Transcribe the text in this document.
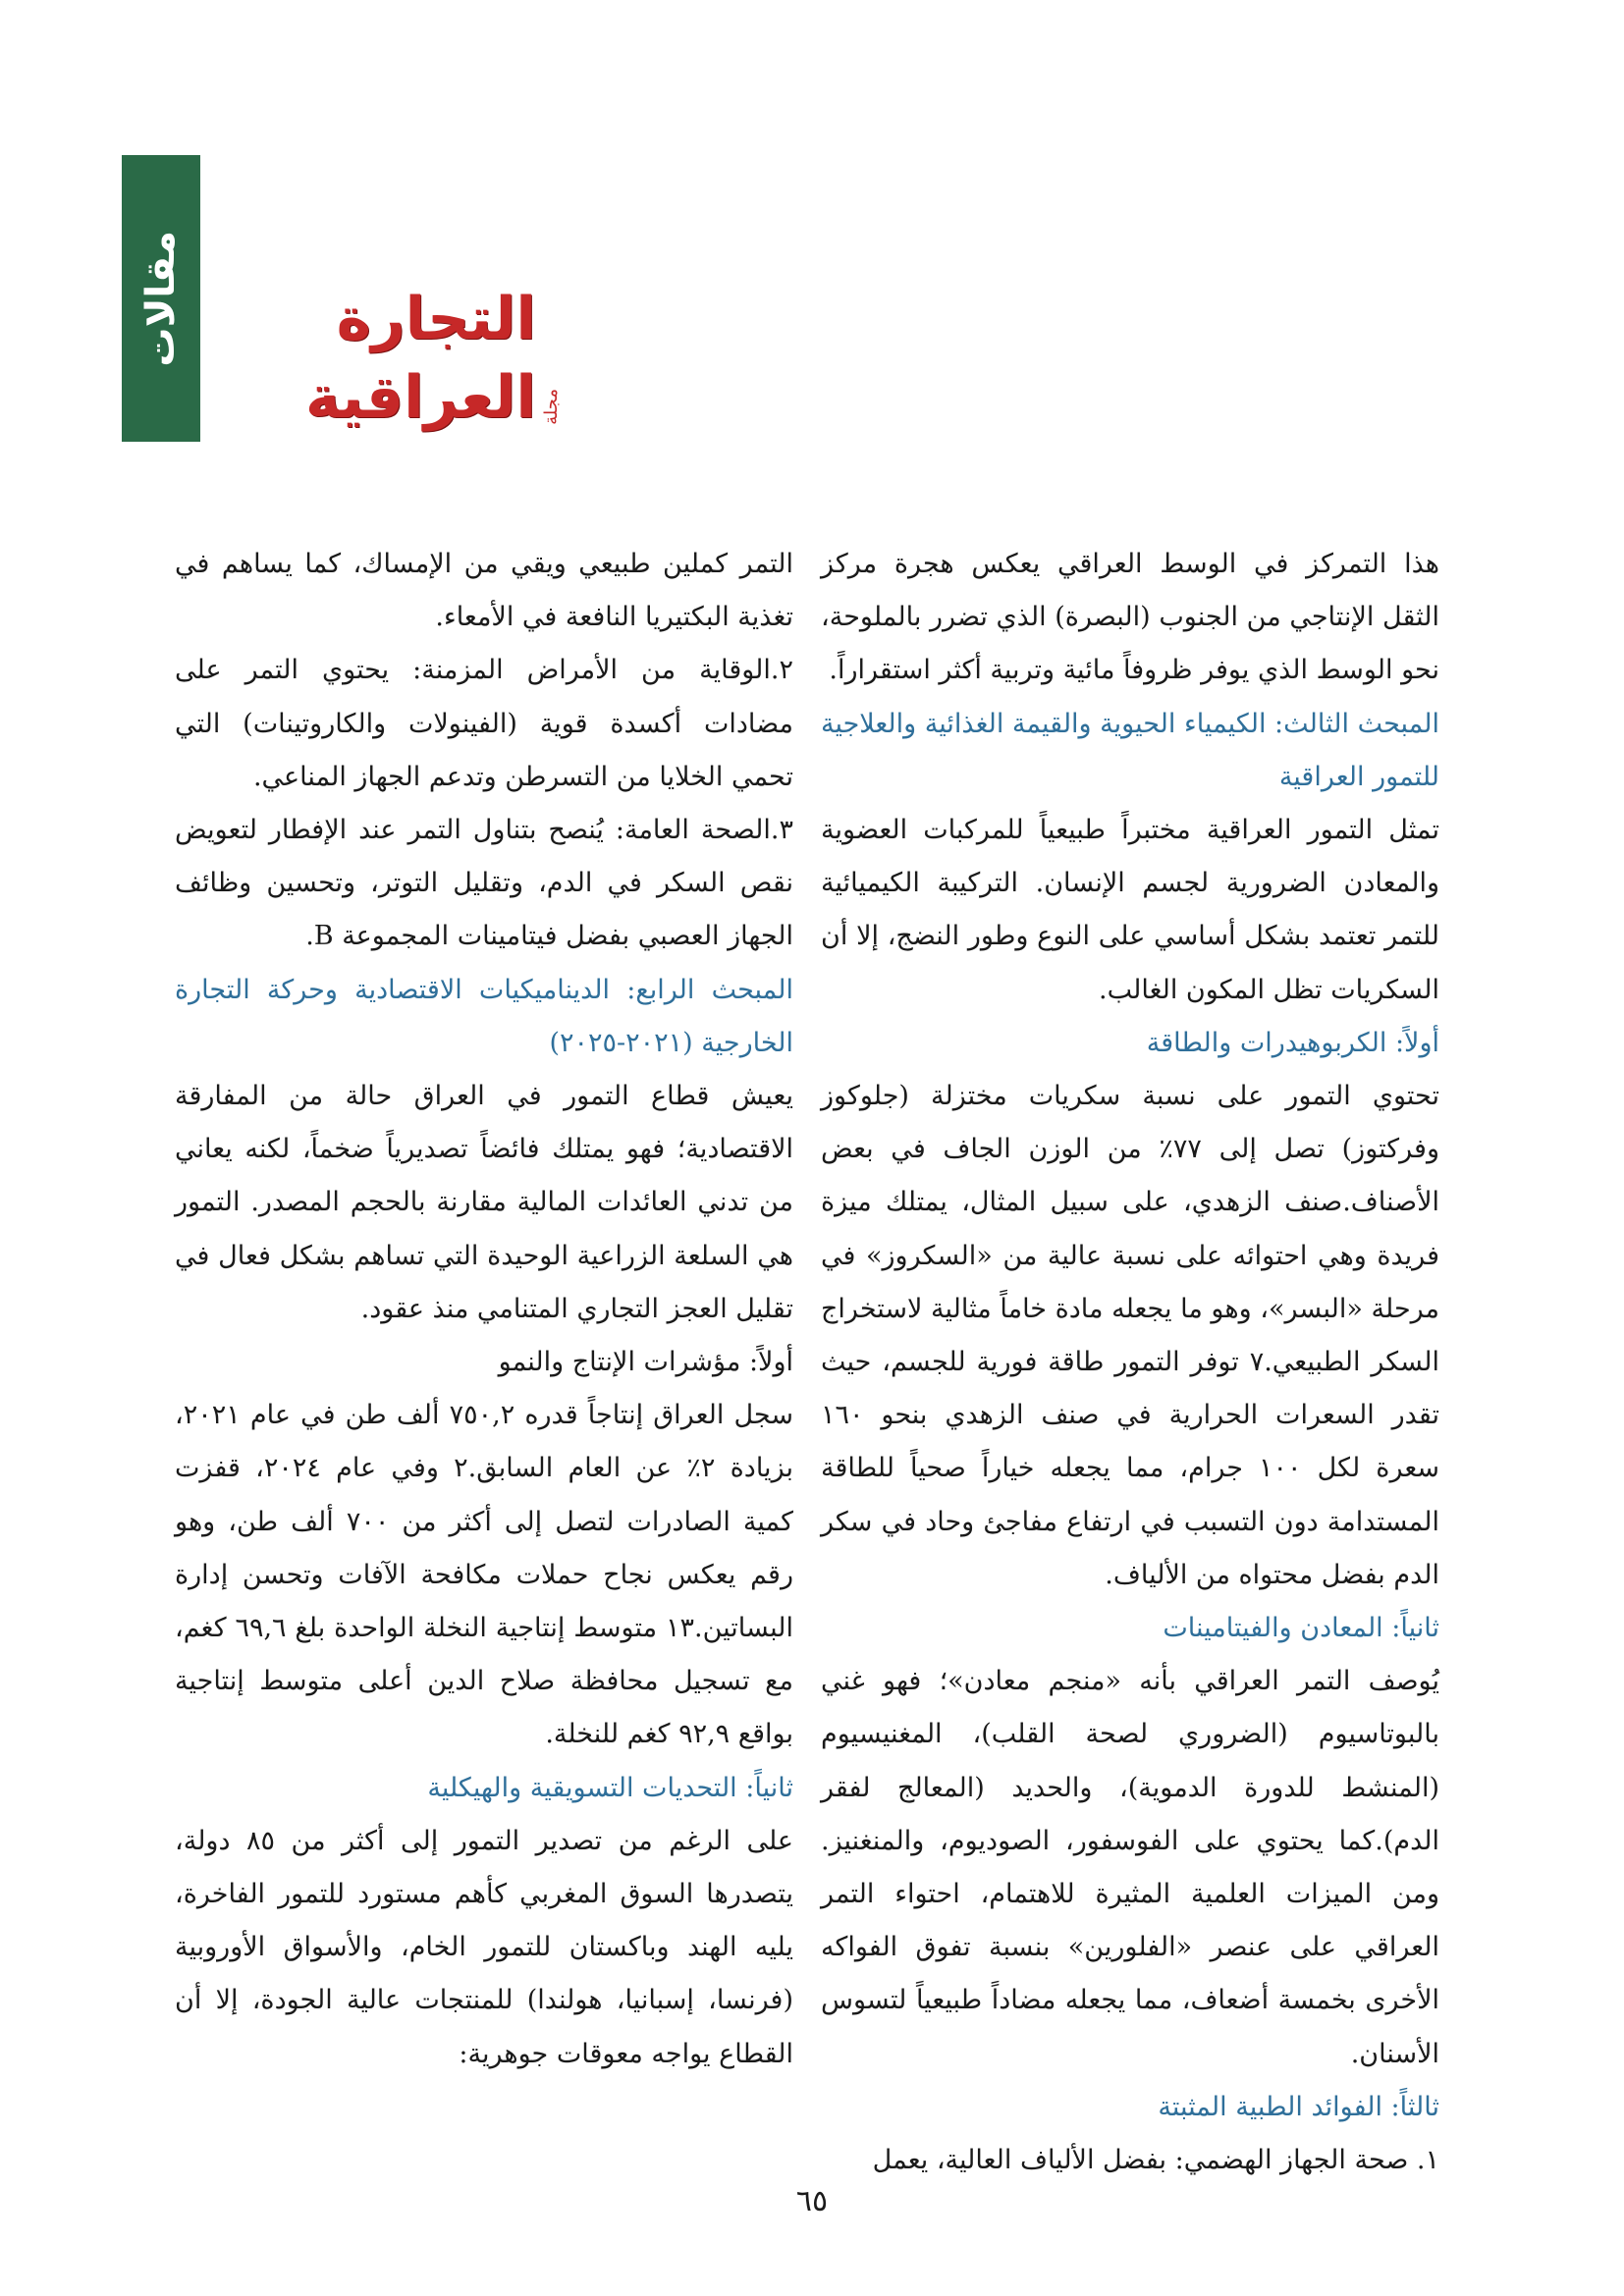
مقالات
مجلة
التجارة العراقية

هذا التمركز في الوسط العراقي يعكس هجرة مركز الثقل الإنتاجي من الجنوب (البصرة) الذي تضرر بالملوحة، نحو الوسط الذي يوفر ظروفاً مائية وتربية أكثر استقراراً.

المبحث الثالث: الكيمياء الحيوية والقيمة الغذائية والعلاجية للتمور العراقية

تمثل التمور العراقية مختبراً طبيعياً للمركبات العضوية والمعادن الضرورية لجسم الإنسان. التركيبة الكيميائية للتمر تعتمد بشكل أساسي على النوع وطور النضج، إلا أن السكريات تظل المكون الغالب.

أولاً: الكربوهيدرات والطاقة

تحتوي التمور على نسبة سكريات مختزلة (جلوكوز وفركتوز) تصل إلى ٧٧٪ من الوزن الجاف في بعض الأصناف.صنف الزهدي، على سبيل المثال، يمتلك ميزة فريدة وهي احتوائه على نسبة عالية من «السكروز» في مرحلة «البسر»، وهو ما يجعله مادة خاماً مثالية لاستخراج السكر الطبيعي.٧ توفر التمور طاقة فورية للجسم، حيث تقدر السعرات الحرارية في صنف الزهدي بنحو ١٦٠ سعرة لكل ١٠٠ جرام، مما يجعله خياراً صحياً للطاقة المستدامة دون التسبب في ارتفاع مفاجئ وحاد في سكر الدم بفضل محتواه من الألياف.

ثانياً: المعادن والفيتامينات

يُوصف التمر العراقي بأنه «منجم معادن»؛ فهو غني بالبوتاسيوم (الضروري لصحة القلب)، المغنيسيوم (المنشط للدورة الدموية)، والحديد (المعالج لفقر الدم).كما يحتوي على الفوسفور، الصوديوم، والمنغنيز. ومن الميزات العلمية المثيرة للاهتمام، احتواء التمر العراقي على عنصر «الفلورين» بنسبة تفوق الفواكه الأخرى بخمسة أضعاف، مما يجعله مضاداً طبيعياً لتسوس الأسنان.

ثالثاً: الفوائد الطبية المثبتة

١. صحة الجهاز الهضمي: بفضل الألياف العالية، يعمل

التمر كملين طبيعي ويقي من الإمساك، كما يساهم في تغذية البكتيريا النافعة في الأمعاء.

٢.الوقاية من الأمراض المزمنة: يحتوي التمر على مضادات أكسدة قوية (الفينولات والكاروتينات) التي تحمي الخلايا من التسرطن وتدعم الجهاز المناعي.

٣.الصحة العامة: يُنصح بتناول التمر عند الإفطار لتعويض نقص السكر في الدم، وتقليل التوتر، وتحسين وظائف الجهاز العصبي بفضل فيتامينات المجموعة B.

المبحث الرابع: الديناميكيات الاقتصادية وحركة التجارة الخارجية (٢٠٢١-٢٠٢٥)

يعيش قطاع التمور في العراق حالة من المفارقة الاقتصادية؛ فهو يمتلك فائضاً تصديرياً ضخماً، لكنه يعاني من تدني العائدات المالية مقارنة بالحجم المصدر. التمور هي السلعة الزراعية الوحيدة التي تساهم بشكل فعال في تقليل العجز التجاري المتنامي منذ عقود.

أولاً: مؤشرات الإنتاج والنمو

سجل العراق إنتاجاً قدره ٧٥٠,٢ ألف طن في عام ٢٠٢١، بزيادة ٢٪ عن العام السابق.٢ وفي عام ٢٠٢٤، قفزت كمية الصادرات لتصل إلى أكثر من ٧٠٠ ألف طن، وهو رقم يعكس نجاح حملات مكافحة الآفات وتحسن إدارة البساتين.١٣ متوسط إنتاجية النخلة الواحدة بلغ ٦٩,٦ كغم، مع تسجيل محافظة صلاح الدين أعلى متوسط إنتاجية بواقع ٩٢,٩ كغم للنخلة.

ثانياً: التحديات التسويقية والهيكلية

على الرغم من تصدير التمور إلى أكثر من ٨٥ دولة، يتصدرها السوق المغربي كأهم مستورد للتمور الفاخرة، يليه الهند وباكستان للتمور الخام، والأسواق الأوروبية (فرنسا، إسبانيا، هولندا) للمنتجات عالية الجودة، إلا أن القطاع يواجه معوقات جوهرية:

٦٥
